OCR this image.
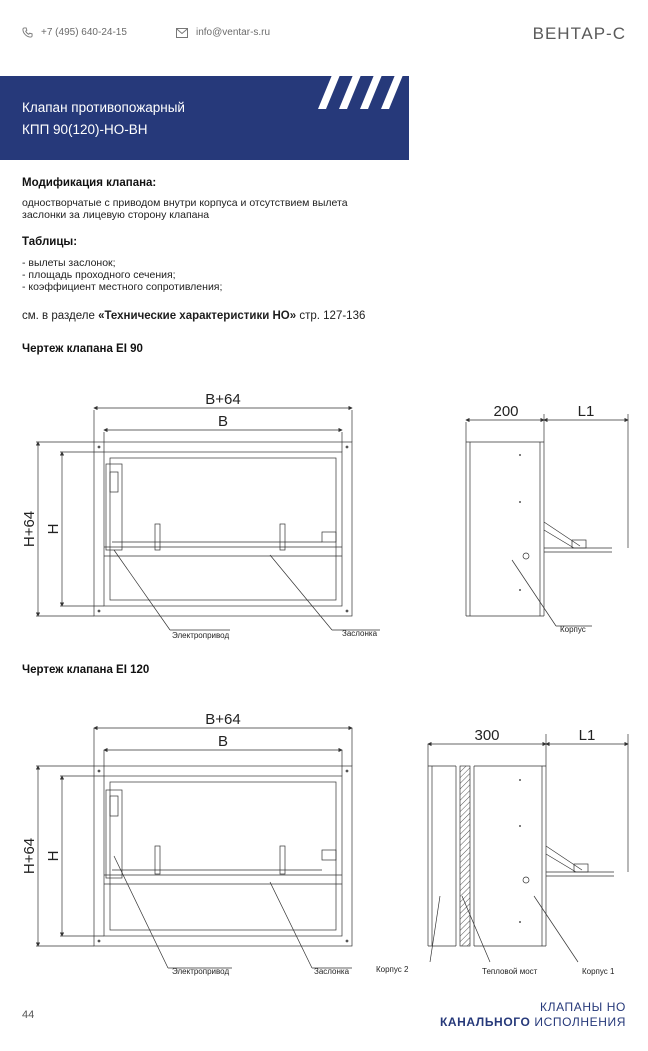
+7 (495) 640-24-15	info@ventar-s.ru	ВЕНТАР-С
Клапан противопожарный
КПП 90(120)-НО-ВН
Модификация клапана:
одностворчатые с приводом внутри корпуса и отсутствием вылета
заслонки за лицевую сторону клапана
Таблицы:
- вылеты заслонок;
- площадь проходного сечения;
- коэффициент местного сопротивления;
см. в разделе «Технические характеристики НО» стр. 127-136
Чертеж клапана EI 90
B+64
B
H+64 H
200	L1
Электропривод	Заслонка	Корпус
Чертеж клапана EI 120
B+64
B
H+64 H
300	L1
Электропривод	Заслонка	Корпус 2	Тепловой мост	Корпус 1
44
КЛАПАНЫ НО
КАНАЛЬНОГО ИСПОЛНЕНИЯ
